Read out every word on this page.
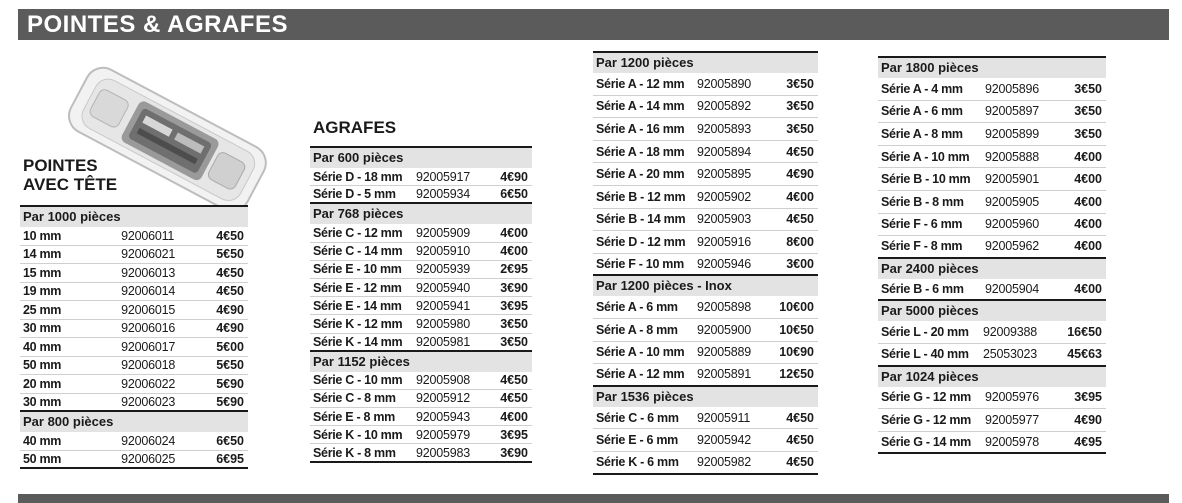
POINTES & AGRAFES
POINTES
AVEC TÊTE
Par 1000 pièces
10 mm	92006011	4€50
14 mm	92006021	5€50
15 mm	92006013	4€50
19 mm	92006014	4€50
25 mm	92006015	4€90
30 mm	92006016	4€90
40 mm	92006017	5€00
50 mm	92006018	5€50
20 mm	92006022	5€90
30 mm	92006023	5€90
Par 800 pièces
40 mm	92006024	6€50
50 mm	92006025	6€95
AGRAFES
Par 600 pièces
Série D - 18 mm	92005917	4€90
Série D - 5 mm	92005934	6€50
Par 768 pièces
Série C - 12 mm	92005909	4€00
Série C - 14 mm	92005910	4€00
Série E - 10 mm	92005939	2€95
Série E - 12 mm	92005940	3€90
Série E - 14 mm	92005941	3€95
Série K - 12 mm	92005980	3€50
Série K - 14 mm	92005981	3€50
Par 1152 pièces
Série C - 10 mm	92005908	4€50
Série C - 8 mm	92005912	4€50
Série E - 8 mm	92005943	4€00
Série K - 10 mm	92005979	3€95
Série K - 8 mm	92005983	3€90
Par 1200 pièces
Série A - 12 mm	92005890	3€50
Série A - 14 mm	92005892	3€50
Série A - 16 mm	92005893	3€50
Série A - 18 mm	92005894	4€50
Série A - 20 mm	92005895	4€90
Série B - 12 mm 92005902	4€00
Série B - 14 mm 92005903	4€50
Série D - 12 mm 92005916	8€00
Série F - 10 mm	92005946	3€00
Par 1200 pièces - Inox
Série A - 6 mm	92005898	10€00
Série A - 8 mm	92005900	10€50
Série A - 10 mm	92005889	10€90
Série A - 12 mm	92005891	12€50
Par 1536 pièces
Série C - 6 mm	92005911	4€50
Série E - 6 mm	92005942	4€50
Série K - 6 mm	92005982	4€50
Par 1800 pièces
Série A - 4 mm	92005896	3€50
Série A - 6 mm	92005897	3€50
Série A - 8 mm	92005899	3€50
Série A - 10 mm	92005888	4€00
Série B - 10 mm	92005901	4€00
Série B - 8 mm	92005905	4€00
Série F - 6 mm	92005960	4€00
Série F - 8 mm	92005962	4€00
Par 2400 pièces
Série B - 6 mm	92005904	4€00
Par 5000 pièces
Série L - 20 mm	92009388	16€50
Série L - 40 mm	25053023	45€63
Par 1024 pièces
Série G - 12 mm	92005976	3€95
Série G - 12 mm	92005977	4€90
Série G - 14 mm	92005978	4€95
